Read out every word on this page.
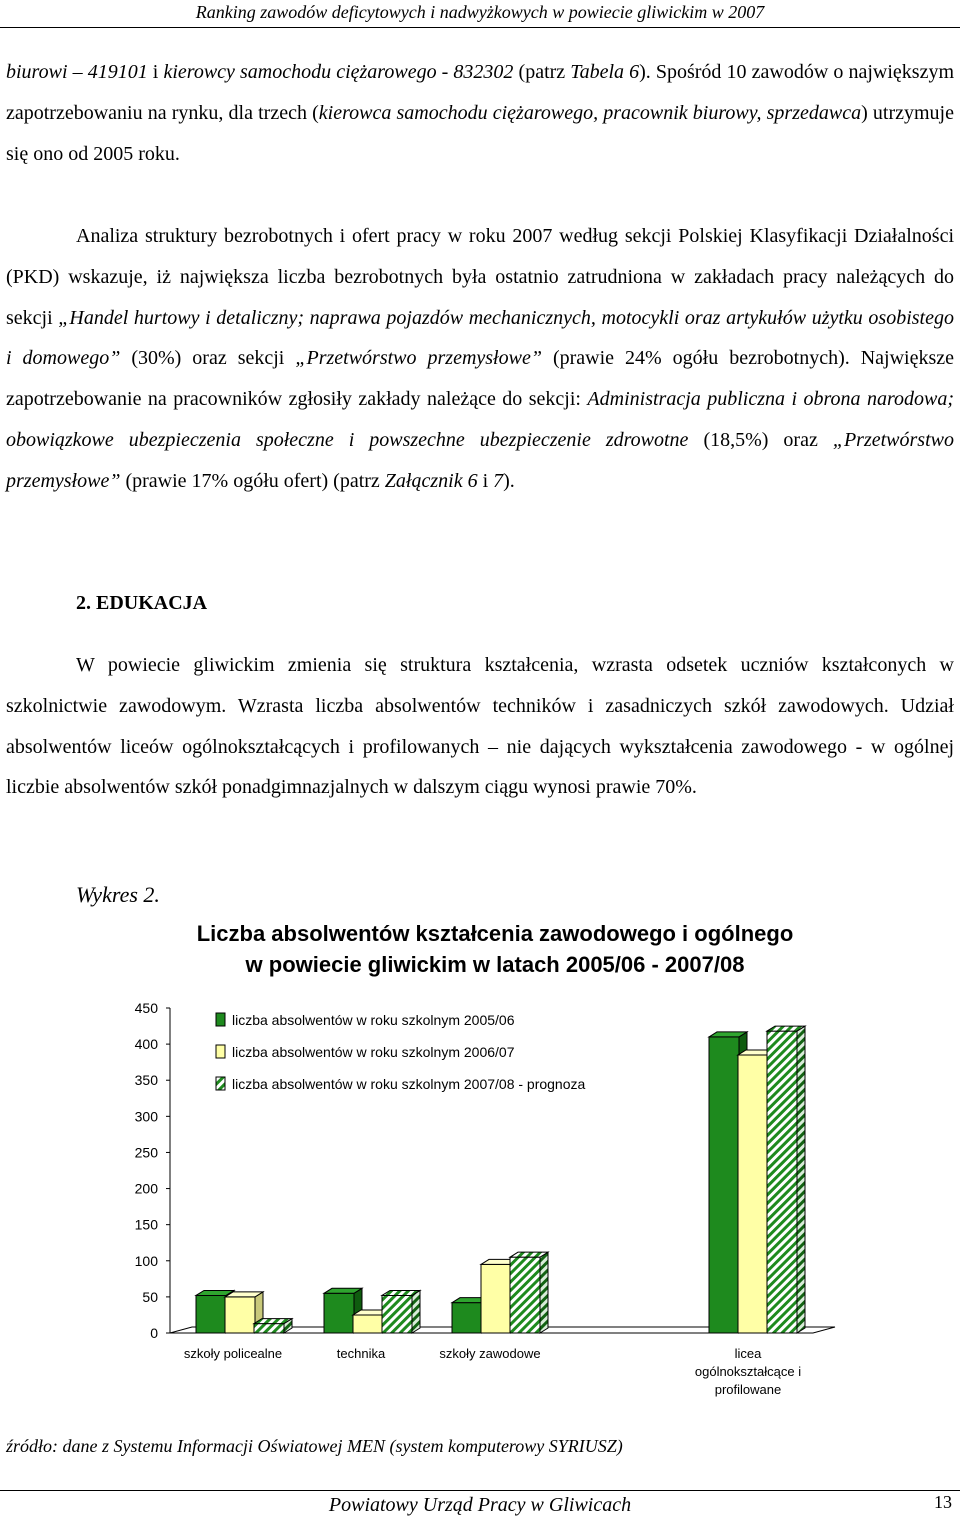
Ranking zawodów deficytowych i nadwyżkowych w powiecie gliwickim w 2007

biurowi – 419101 i kierowcy samochodu ciężarowego - 832302 (patrz Tabela 6). Spośród 10 zawodów o największym zapotrzebowaniu na rynku, dla trzech (kierowca samochodu ciężarowego, pracownik biurowy, sprzedawca) utrzymuje się ono od 2005 roku.

Analiza struktury bezrobotnych i ofert pracy w roku 2007 według sekcji Polskiej Klasyfikacji Działalności (PKD) wskazuje, iż największa liczba bezrobotnych była ostatnio zatrudniona w zakładach pracy należących do sekcji „Handel hurtowy i detaliczny; naprawa pojazdów mechanicznych, motocykli oraz artykułów użytku osobistego i domowego” (30%) oraz sekcji „Przetwórstwo przemysłowe” (prawie 24% ogółu bezrobotnych). Największe zapotrzebowanie na pracowników zgłosiły zakłady należące do sekcji: Administracja publiczna i obrona narodowa; obowiązkowe ubezpieczenia społeczne i powszechne ubezpieczenie zdrowotne (18,5%) oraz „Przetwórstwo przemysłowe” (prawie 17% ogółu ofert) (patrz Załącznik 6 i 7).

2. EDUKACJA

W powiecie gliwickim zmienia się struktura kształcenia, wzrasta odsetek uczniów kształconych w szkolnictwie zawodowym. Wzrasta liczba absolwentów techników i zasadniczych szkół zawodowych. Udział absolwentów liceów ogólnokształcących i profilowanych – nie dających wykształcenia zawodowego - w ogólnej liczbie absolwentów szkół ponadgimnazjalnych w dalszym ciągu wynosi prawie 70%.

Wykres 2.
Liczba absolwentów kształcenia zawodowego i ogólnego
w powiecie gliwickim w latach 2005/06 - 2007/08
0
50
100
150
200
250
300
350
400
450
szkoły policealne	technika	szkoły zawodowe	licea
ogólnokształcące i
profilowane
liczba absolwentów w roku szkolnym 2005/06
liczba absolwentów w roku szkolnym 2006/07
liczba absolwentów w roku szkolnym 2007/08 - prognoza
źródło: dane z Systemu Informacji Oświatowej MEN (system komputerowy SYRIUSZ)
Powiatowy Urząd Pracy w Gliwicach	13
